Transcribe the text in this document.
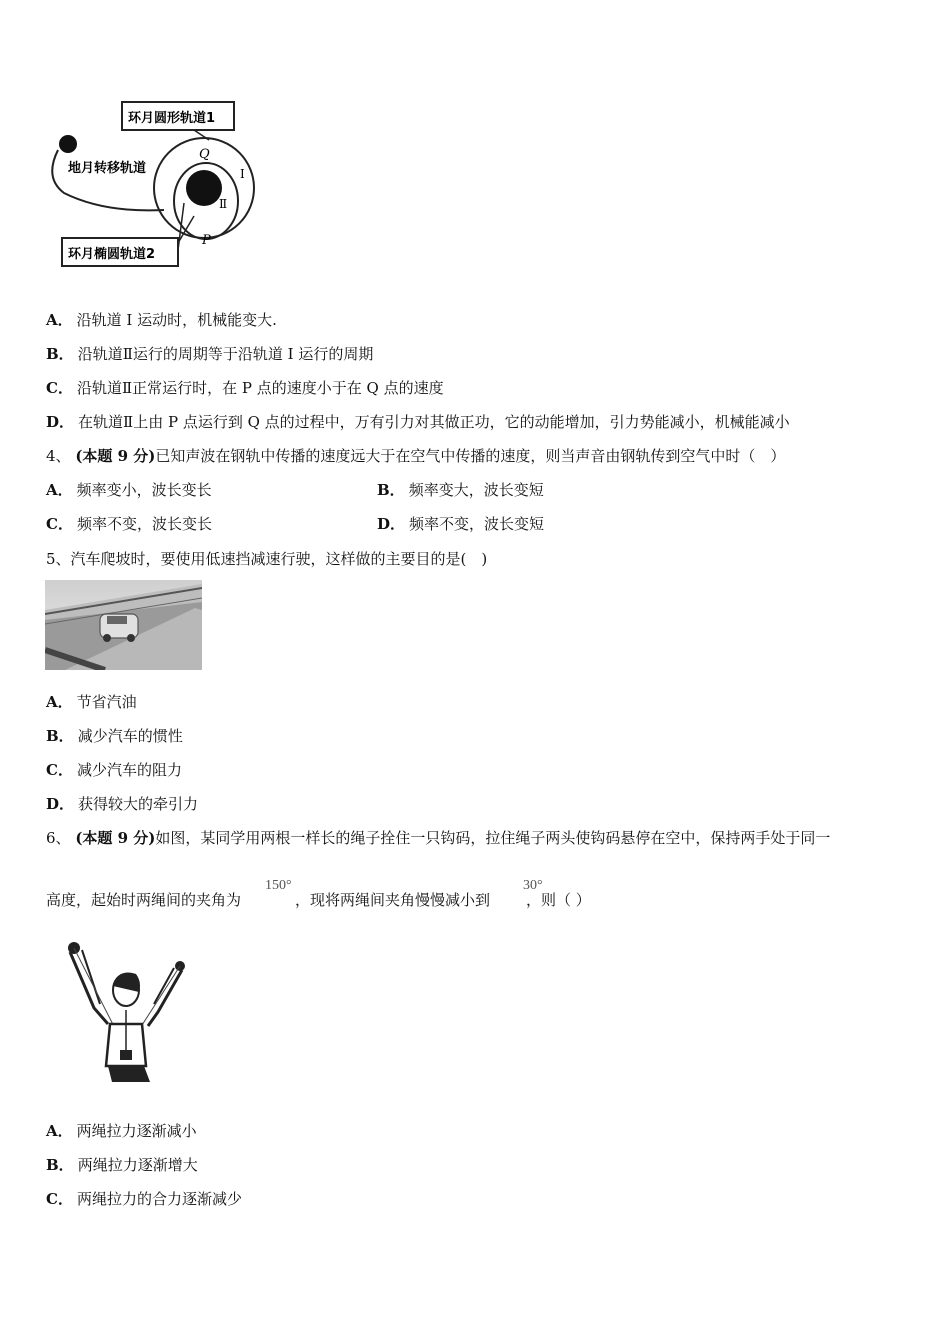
环月圆形轨道1
地月转移轨道
环月椭圆轨道2
Q
P
I
Ⅱ
A． 沿轨道 I 运动时，机械能变大.
B． 沿轨道Ⅱ运行的周期等于沿轨道 I 运行的周期
C． 沿轨道Ⅱ正常运行时，在 P 点的速度小于在 Q 点的速度
D． 在轨道Ⅱ上由 P 点运行到 Q 点的过程中，万有引力对其做正功，它的动能增加，引力势能减小，机械能减小
4、 (本题 9 分)已知声波在钢轨中传播的速度远大于在空气中传播的速度，则当声音由钢轨传到空气中时（　）
A． 频率变小，波长变长	B． 频率变大，波长变短
C． 频率不变，波长变长	D． 频率不变，波长变短
5、汽车爬坡时，要使用低速挡减速行驶，这样做的主要目的是(　)
A． 节省汽油
B． 减少汽车的惯性
C． 减少汽车的阻力
D． 获得较大的牵引力
6、 (本题 9 分)如图，某同学用两根一样长的绳子拴住一只钩码，拉住绳子两头使钩码悬停在空中，保持两手处于同一
高度，起始时两绳间的夹角为	，现将两绳间夹角慢慢减小到 ，则（ ）
150°	30°
A． 两绳拉力逐渐减小
B． 两绳拉力逐渐增大
C． 两绳拉力的合力逐渐减少
